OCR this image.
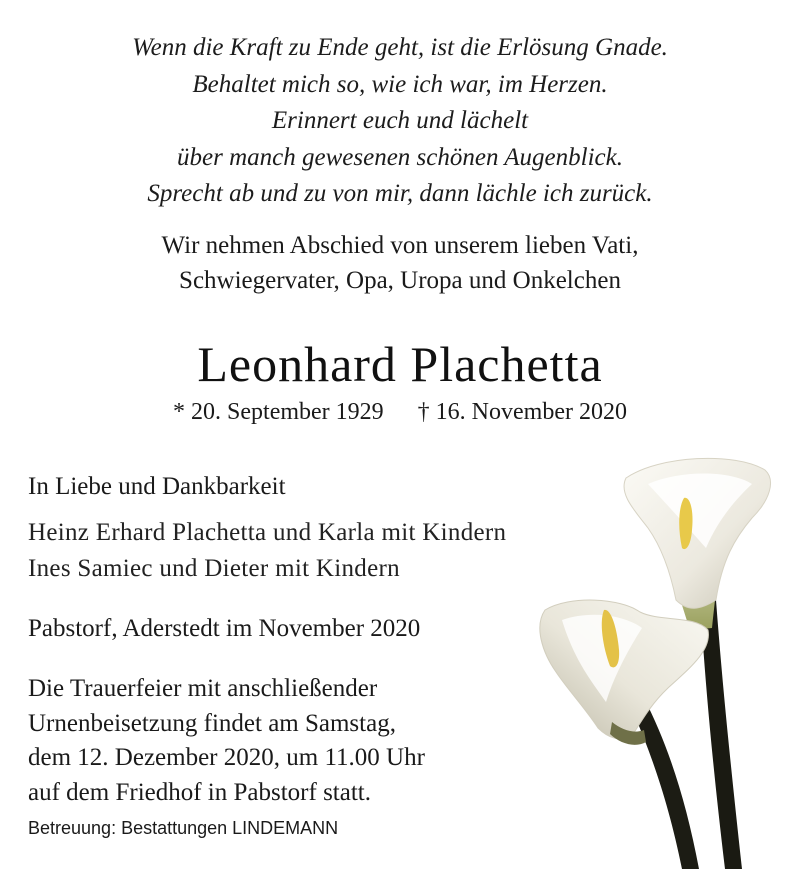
Wenn die Kraft zu Ende geht, ist die Erlösung Gnade.
Behaltet mich so, wie ich war, im Herzen.
Erinnert euch und lächelt
über manch gewesenen schönen Augenblick.
Sprecht ab und zu von mir, dann lächle ich zurück.
Wir nehmen Abschied von unserem lieben Vati,
Schwiegervater, Opa, Uropa und Onkelchen
Leonhard Plachetta
* 20. September 1929 † 16. November 2020
In Liebe und Dankbarkeit
Heinz Erhard Plachetta und Karla mit Kindern
Ines Samiec und Dieter mit Kindern
Pabstorf, Aderstedt im November 2020
Die Trauerfeier mit anschließender
Urnenbeisetzung findet am Samstag,
dem 12. Dezember 2020, um 11.00 Uhr
auf dem Friedhof in Pabstorf statt.
Betreuung: Bestattungen LINDEMANN
